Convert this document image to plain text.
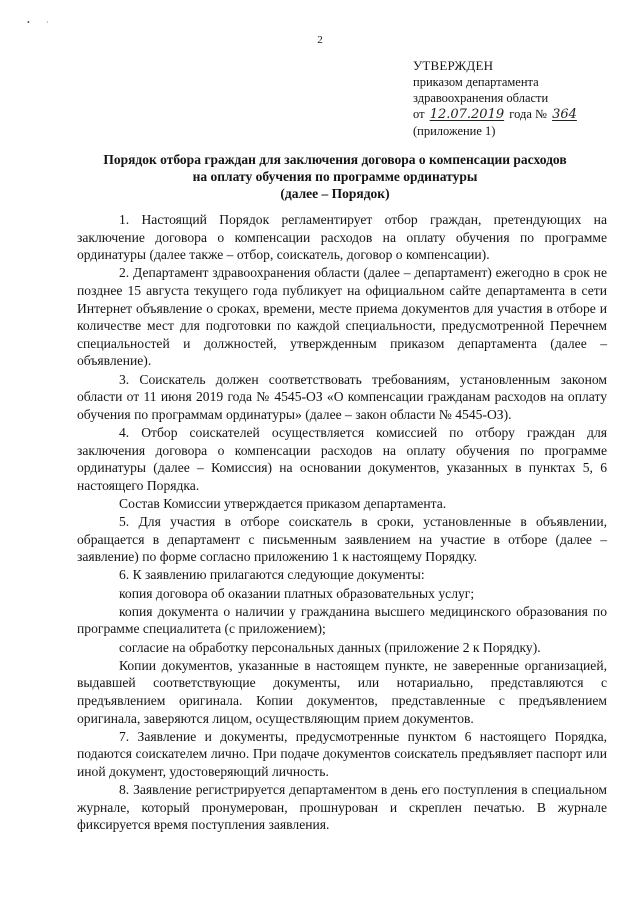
• ·
2
УТВЕРЖДЕН
приказом департамента
здравоохранения области
от 12.07.2019 года № 364
(приложение 1)
Порядок отбора граждан для заключения договора о компенсации расходов
на оплату обучения по программе ординатуры
(далее – Порядок)

1. Настоящий Порядок регламентирует отбор граждан, претендующих на заключение договора о компенсации расходов на оплату обучения по программе ординатуры (далее также – отбор, соискатель, договор о компенсации).

2. Департамент здравоохранения области (далее – департамент) ежегодно в срок не позднее 15 августа текущего года публикует на официальном сайте департамента в сети Интернет объявление о сроках, времени, месте приема документов для участия в отборе и количестве мест для подготовки по каждой специальности, предусмотренной Перечнем специальностей и должностей, утвержденным приказом департамента (далее – объявление).

3. Соискатель должен соответствовать требованиям, установленным законом области от 11 июня 2019 года № 4545-ОЗ «О компенсации гражданам расходов на оплату обучения по программам ординатуры» (далее – закон области № 4545-ОЗ).

4. Отбор соискателей осуществляется комиссией по отбору граждан для заключения договора о компенсации расходов на оплату обучения по программе ординатуры (далее – Комиссия) на основании документов, указанных в пунктах 5, 6 настоящего Порядка.

Состав Комиссии утверждается приказом департамента.

5. Для участия в отборе соискатель в сроки, установленные в объявлении, обращается в департамент с письменным заявлением на участие в отборе (далее – заявление) по форме согласно приложению 1 к настоящему Порядку.

6. К заявлению прилагаются следующие документы:

копия договора об оказании платных образовательных услуг;

копия документа о наличии у гражданина высшего медицинского образования по программе специалитета (с приложением);

согласие на обработку персональных данных (приложение 2 к Порядку).

Копии документов, указанные в настоящем пункте, не заверенные организацией, выдавшей соответствующие документы, или нотариально, представляются с предъявлением оригинала. Копии документов, представленные с предъявлением оригинала, заверяются лицом, осуществляющим прием документов.

7. Заявление и документы, предусмотренные пунктом 6 настоящего Порядка, подаются соискателем лично. При подаче документов соискатель предъявляет паспорт или иной документ, удостоверяющий личность.

8. Заявление регистрируется департаментом в день его поступления в специальном журнале, который пронумерован, прошнурован и скреплен печатью. В журнале фиксируется время поступления заявления.
